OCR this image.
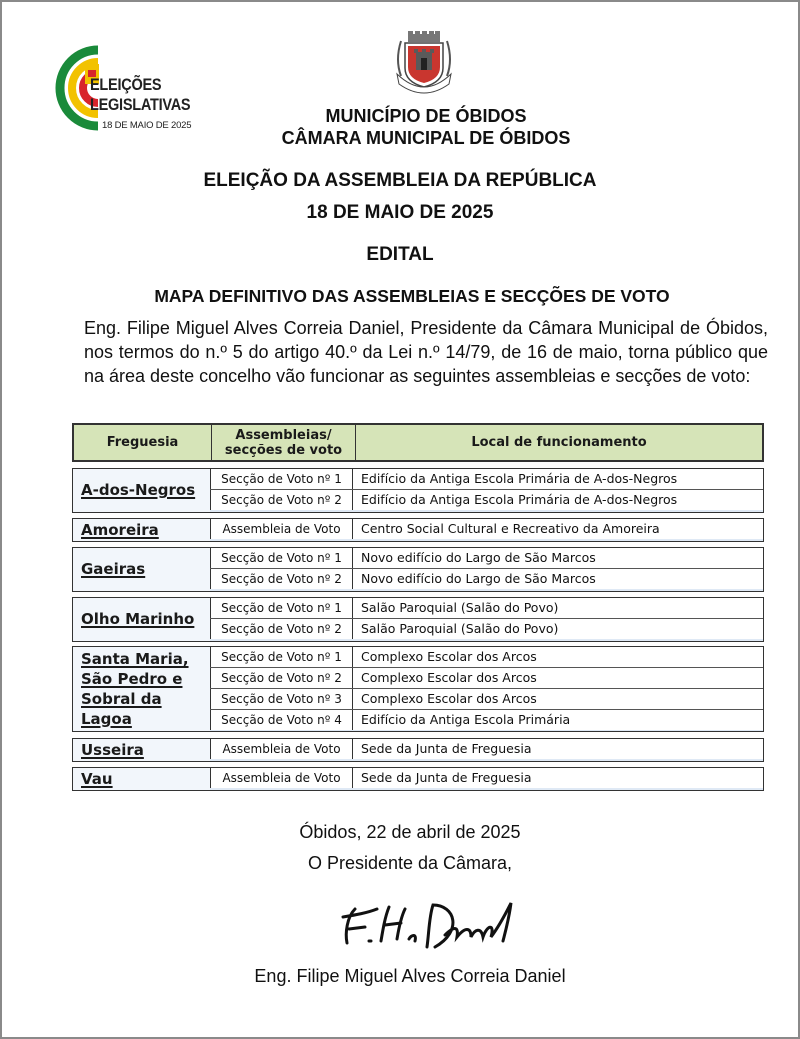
ELEIÇÕES
LEGISLATIVAS
18 DE MAIO DE 2025	MUNICÍPIO DE ÓBIDOS
CÂMARA MUNICIPAL DE ÓBIDOS
ELEIÇÃO DA ASSEMBLEIA DA REPÚBLICA
18 DE MAIO DE 2025
EDITAL
MAPA DEFINITIVO DAS ASSEMBLEIAS E SECÇÕES DE VOTO
Eng. Filipe Miguel Alves Correia Daniel, Presidente da Câmara Municipal de Óbidos, nos termos do n.º 5 do artigo 40.º da Lei n.º 14/79, de 16 de maio, torna público que na área deste concelho vão funcionar as seguintes assembleias e secções de voto:
Freguesia	Assembleias/ secções de voto	Local de funcionamento
A-dos-Negros
Secção de Voto nº 1	Edifício da Antiga Escola Primária de A-dos-Negros
Secção de Voto nº 2	Edifício da Antiga Escola Primária de A-dos-Negros
Amoreira	Assembleia de Voto	Centro Social Cultural e Recreativo da Amoreira
Gaeiras
Secção de Voto nº 1	Novo edifício do Largo de São Marcos
Secção de Voto nº 2	Novo edifício do Largo de São Marcos
Olho Marinho
Secção de Voto nº 1	Salão Paroquial (Salão do Povo)
Secção de Voto nº 2	Salão Paroquial (Salão do Povo)
Santa Maria, São Pedro e Sobral da Lagoa
Secção de Voto nº 1	Complexo Escolar dos Arcos
Secção de Voto nº 2	Complexo Escolar dos Arcos
Secção de Voto nº 3	Complexo Escolar dos Arcos
Secção de Voto nº 4	Edifício da Antiga Escola Primária
Usseira	Assembleia de Voto	Sede da Junta de Freguesia
Vau	Assembleia de Voto	Sede da Junta de Freguesia
Óbidos, 22 de abril de 2025
O Presidente da Câmara,
Eng. Filipe Miguel Alves Correia Daniel
